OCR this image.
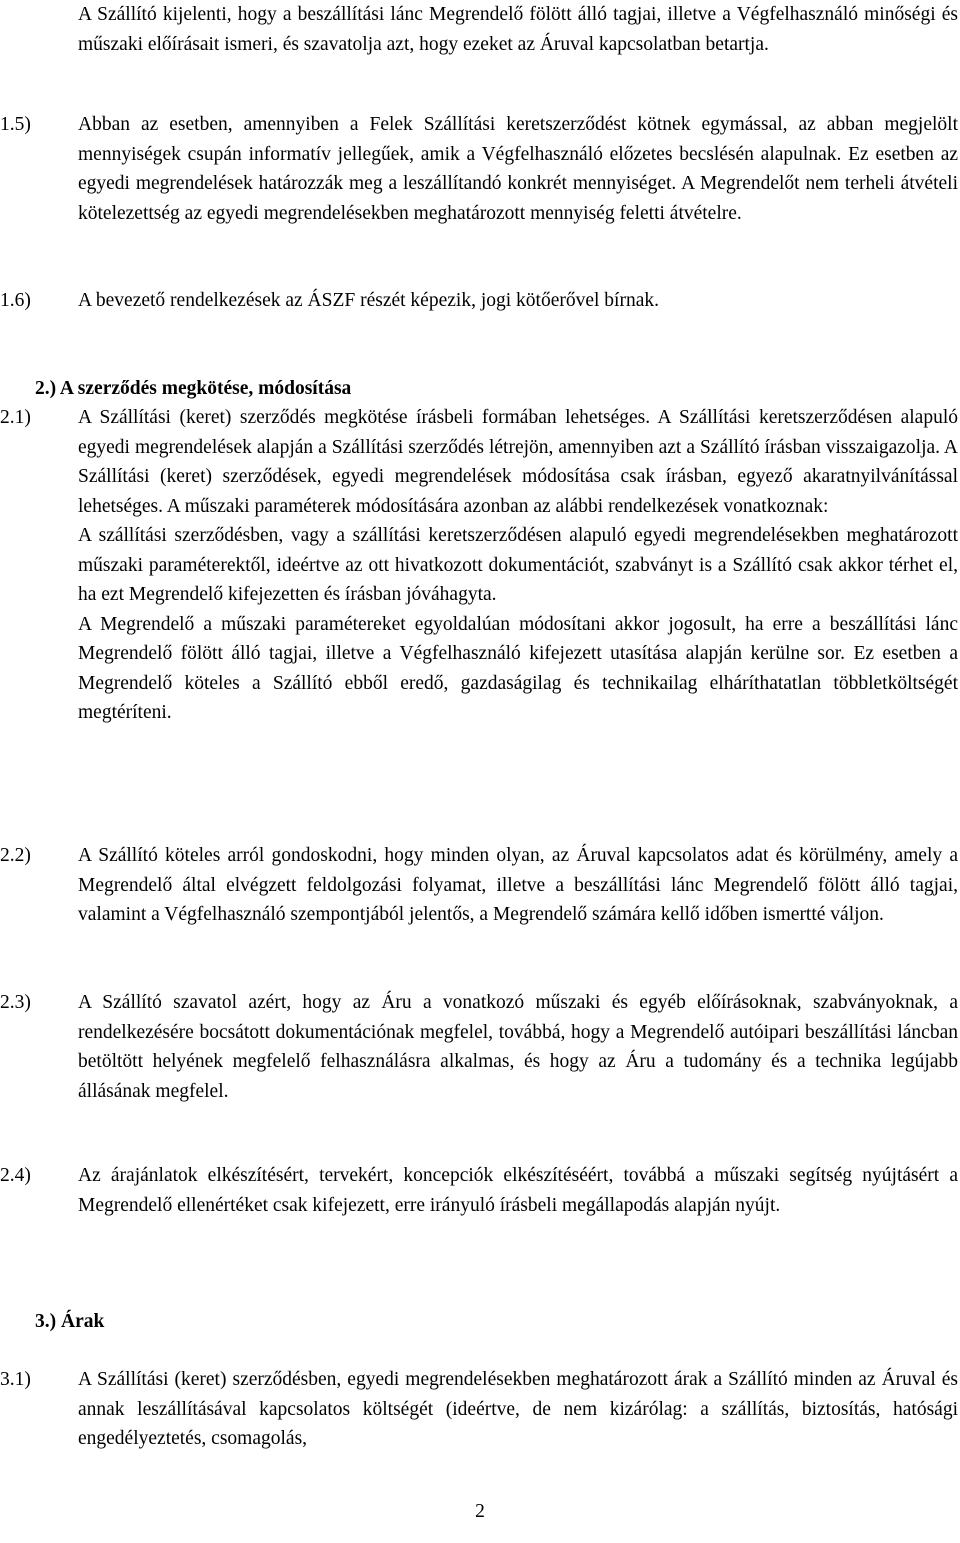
A Szállító kijelenti, hogy a beszállítási lánc Megrendelő fölött álló tagjai, illetve a Végfelhasználó minőségi és műszaki előírásait ismeri, és szavatolja azt, hogy ezeket az Áruval kapcsolatban betartja.

1.5) Abban az esetben, amennyiben a Felek Szállítási keretszerződést kötnek egymással, az abban megjelölt mennyiségek csupán informatív jellegűek, amik a Végfelhasználó előzetes becslésén alapulnak. Ez esetben az egyedi megrendelések határozzák meg a leszállítandó konkrét mennyiséget. A Megrendelőt nem terheli átvételi kötelezettség az egyedi megrendelésekben meghatározott mennyiség feletti átvételre.

1.6) A bevezető rendelkezések az ÁSZF részét képezik, jogi kötőerővel bírnak.

2.) A szerződés megkötése, módosítása
2.1) A Szállítási (keret) szerződés megkötése írásbeli formában lehetséges. A Szállítási keretszerződésen alapuló egyedi megrendelések alapján a Szállítási szerződés létrejön, amennyiben azt a Szállító írásban visszaigazolja. A Szállítási (keret) szerződések, egyedi megrendelések módosítása csak írásban, egyező akaratnyilvánítással lehetséges. A műszaki paraméterek módosítására azonban az alábbi rendelkezések vonatkoznak:

A szállítási szerződésben, vagy a szállítási keretszerződésen alapuló egyedi megrendelésekben meghatározott műszaki paraméterektől, ideértve az ott hivatkozott dokumentációt, szabványt is a Szállító csak akkor térhet el, ha ezt Megrendelő kifejezetten és írásban jóváhagyta.

A Megrendelő a műszaki paramétereket egyoldalúan módosítani akkor jogosult, ha erre a beszállítási lánc Megrendelő fölött álló tagjai, illetve a Végfelhasználó kifejezett utasítása alapján kerülne sor. Ez esetben a Megrendelő köteles a Szállító ebből eredő, gazdaságilag és technikailag elháríthatatlan többletköltségét megtéríteni.

2.2) A Szállító köteles arról gondoskodni, hogy minden olyan, az Áruval kapcsolatos adat és körülmény, amely a Megrendelő által elvégzett feldolgozási folyamat, illetve a beszállítási lánc Megrendelő fölött álló tagjai, valamint a Végfelhasználó szempontjából jelentős, a Megrendelő számára kellő időben ismertté váljon.

2.3) A Szállító szavatol azért, hogy az Áru a vonatkozó műszaki és egyéb előírásoknak, szabványoknak, a rendelkezésére bocsátott dokumentációnak megfelel, továbbá, hogy a Megrendelő autóipari beszállítási láncban betöltött helyének megfelelő felhasználásra alkalmas, és hogy az Áru a tudomány és a technika legújabb állásának megfelel.

2.4) Az árajánlatok elkészítésért, tervekért, koncepciók elkészítéséért, továbbá a műszaki segítség nyújtásért a Megrendelő ellenértéket csak kifejezett, erre irányuló írásbeli megállapodás alapján nyújt.

3.) Árak
3.1) A Szállítási (keret) szerződésben, egyedi megrendelésekben meghatározott árak a Szállító minden az Áruval és annak leszállításával kapcsolatos költségét (ideértve, de nem kizárólag: a szállítás, biztosítás, hatósági engedélyeztetés, csomagolás,

2
